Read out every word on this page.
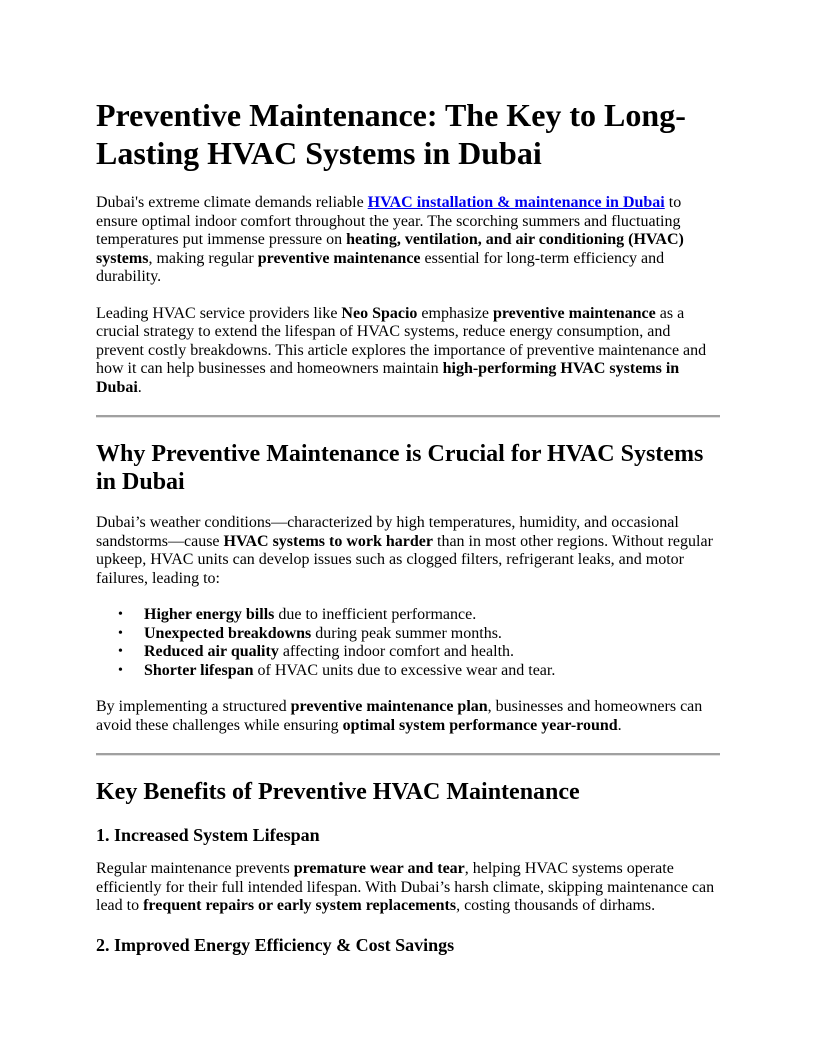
Preventive Maintenance: The Key to Long-Lasting HVAC Systems in Dubai

Dubai's extreme climate demands reliable HVAC installation & maintenance in Dubai to ensure optimal indoor comfort throughout the year. The scorching summers and fluctuating temperatures put immense pressure on heating, ventilation, and air conditioning (HVAC) systems, making regular preventive maintenance essential for long-term efficiency and durability.

Leading HVAC service providers like Neo Spacio emphasize preventive maintenance as a crucial strategy to extend the lifespan of HVAC systems, reduce energy consumption, and prevent costly breakdowns. This article explores the importance of preventive maintenance and how it can help businesses and homeowners maintain high-performing HVAC systems in Dubai.

Why Preventive Maintenance is Crucial for HVAC Systems in Dubai

Dubai’s weather conditions—characterized by high temperatures, humidity, and occasional sandstorms—cause HVAC systems to work harder than in most other regions. Without regular upkeep, HVAC units can develop issues such as clogged filters, refrigerant leaks, and motor failures, leading to:

• Higher energy bills due to inefficient performance.
• Unexpected breakdowns during peak summer months.
• Reduced air quality affecting indoor comfort and health.
• Shorter lifespan of HVAC units due to excessive wear and tear.

By implementing a structured preventive maintenance plan, businesses and homeowners can avoid these challenges while ensuring optimal system performance year-round.

Key Benefits of Preventive HVAC Maintenance
1. Increased System Lifespan

Regular maintenance prevents premature wear and tear, helping HVAC systems operate efficiently for their full intended lifespan. With Dubai’s harsh climate, skipping maintenance can lead to frequent repairs or early system replacements, costing thousands of dirhams.

2. Improved Energy Efficiency & Cost Savings
